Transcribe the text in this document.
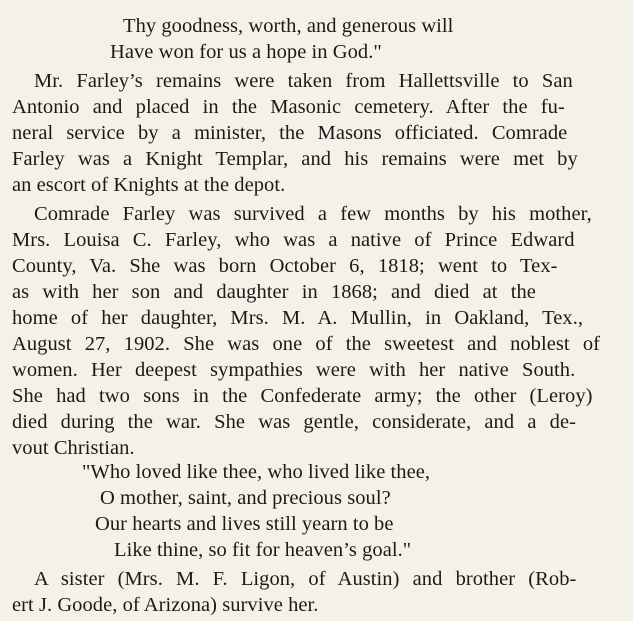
Thy goodness, worth, and generous will
Have won for us a hope in God."
Mr. Farley’s remains were taken from Hallettsville to San
Antonio and placed in the Masonic cemetery. After the fu-
neral service by a minister, the Masons officiated. Comrade
Farley was a Knight Templar, and his remains were met by
an escort of Knights at the depot.
Comrade Farley was survived a few months by his mother,
Mrs. Louisa C. Farley, who was a native of Prince Edward
County, Va. She was born October 6, 1818; went to Tex-
as with her son and daughter in 1868; and died at the
home of her daughter, Mrs. M. A. Mullin, in Oakland, Tex.,
August 27, 1902. She was one of the sweetest and noblest of
women. Her deepest sympathies were with her native South.
She had two sons in the Confederate army; the other (Leroy)
died during the war. She was gentle, considerate, and a de-
vout Christian.
"Who loved like thee, who lived like thee,
O mother, saint, and precious soul?
Our hearts and lives still yearn to be
Like thine, so fit for heaven’s goal."
A sister (Mrs. M. F. Ligon, of Austin) and brother (Rob-
ert J. Goode, of Arizona) survive her.
